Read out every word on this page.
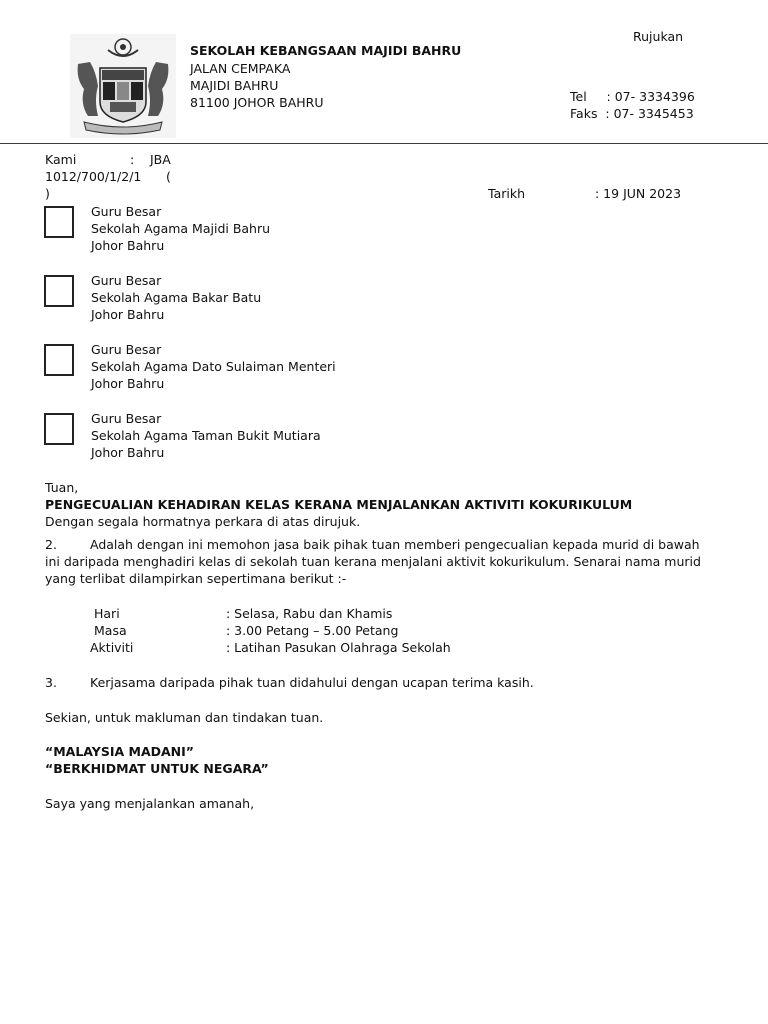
SEKOLAH KEBANGSAAN MAJIDI BAHRU
JALAN CEMPAKA
MAJIDI BAHRU
81100 JOHOR BAHRU
Rujukan
Tel     : 07- 3334396
Faks  : 07- 3345453
Kami	: JBA
1012/700/1/2/1 (
)	Tarikh	: 19 JUN 2023
Guru Besar
Sekolah Agama Majidi Bahru
Johor Bahru
Guru Besar
Sekolah Agama Bakar Batu
Johor Bahru
Guru Besar
Sekolah Agama Dato Sulaiman Menteri
Johor Bahru
Guru Besar
Sekolah Agama Taman Bukit Mutiara
Johor Bahru
Tuan,
PENGECUALIAN KEHADIRAN KELAS KERANA MENJALANKAN AKTIVITI KOKURIKULUM
Dengan segala hormatnya perkara di atas dirujuk.
2.	Adalah dengan ini memohon jasa baik pihak tuan memberi pengecualian kepada murid di bawah
ini daripada menghadiri kelas di sekolah tuan kerana menjalani aktivit kokurikulum. Senarai nama murid
yang terlibat dilampirkan sepertimana berikut :-
Hari	: Selasa, Rabu dan Khamis
Masa	: 3.00 Petang – 5.00 Petang
Aktiviti	: Latihan Pasukan Olahraga Sekolah
3.	Kerjasama daripada pihak tuan didahului dengan ucapan terima kasih.
Sekian, untuk makluman dan tindakan tuan.
“MALAYSIA MADANI”
“BERKHIDMAT UNTUK NEGARA”
Saya yang menjalankan amanah,
